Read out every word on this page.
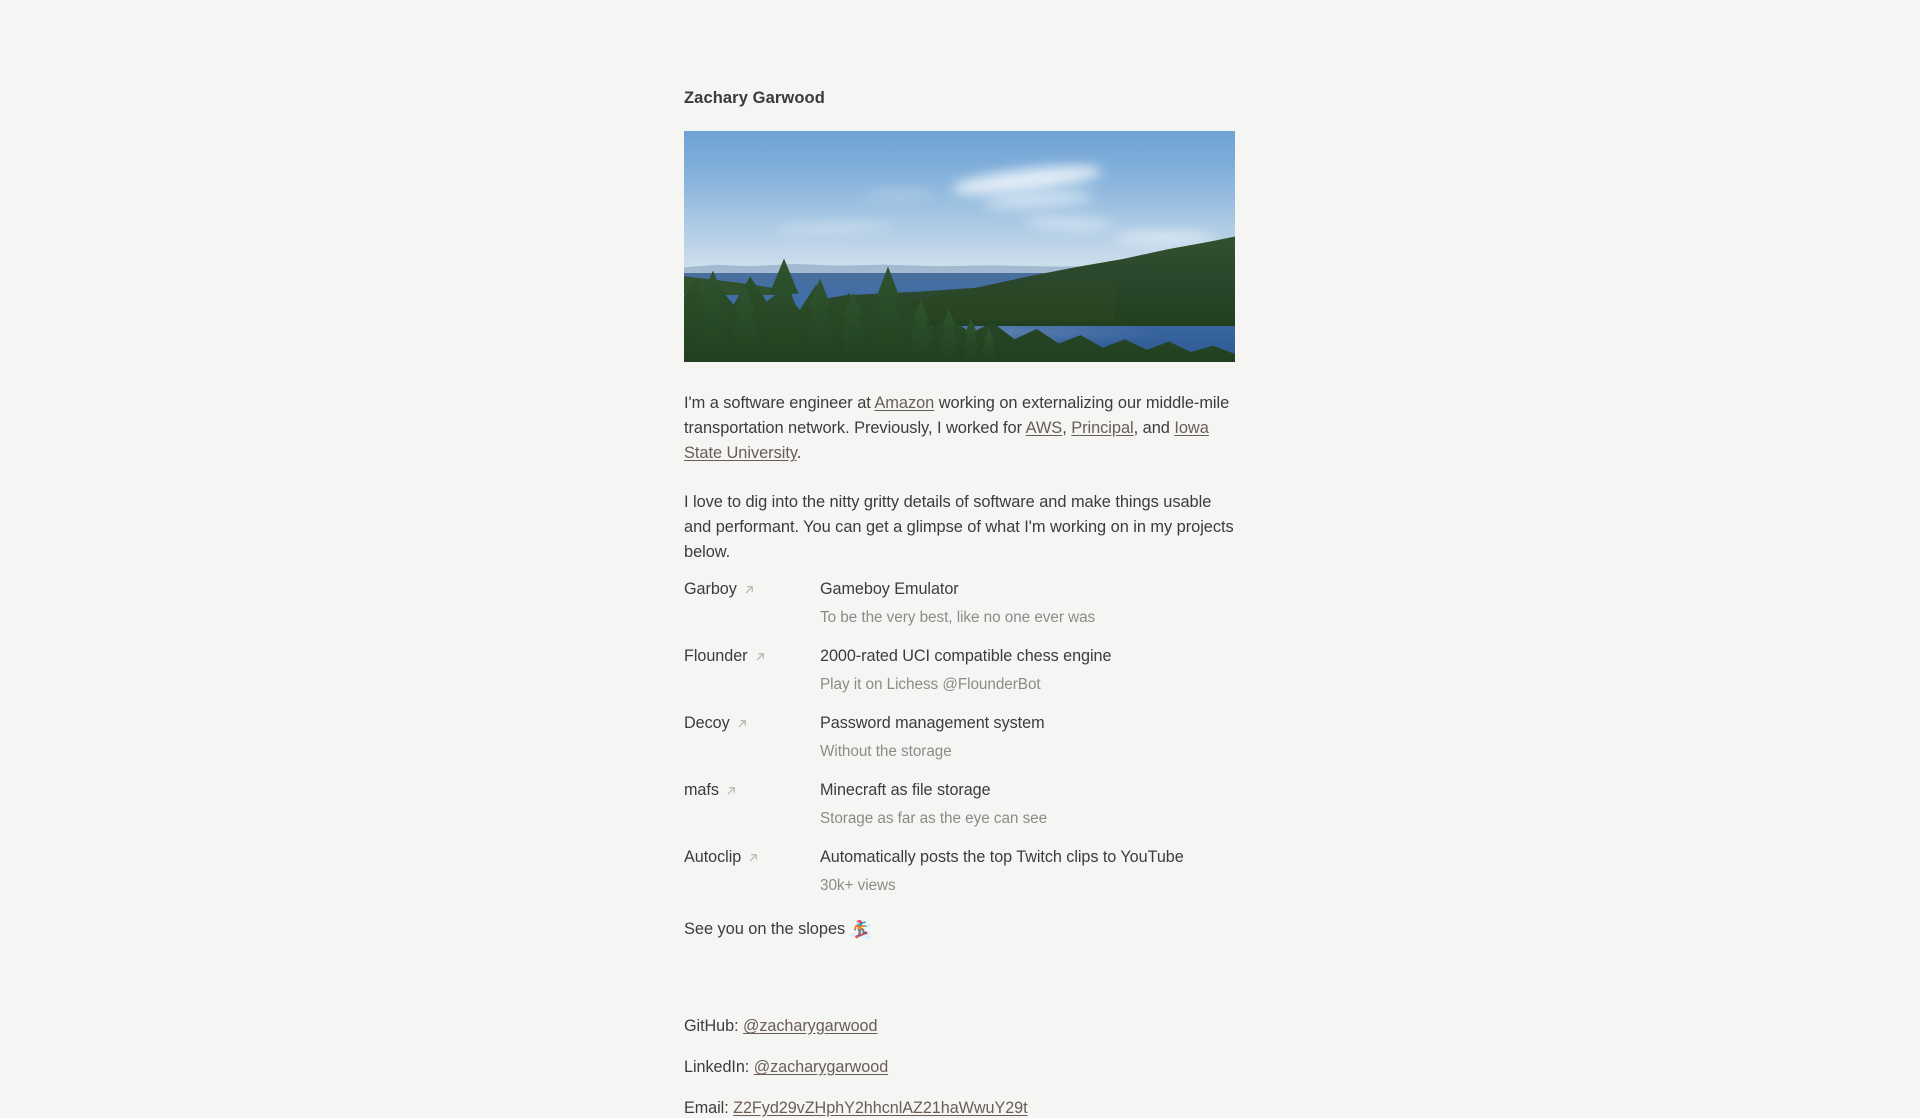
Zachary Garwood

I'm a software engineer at Amazon working on externalizing our middle-mile transportation network. Previously, I worked for AWS, Principal, and Iowa State University.

I love to dig into the nitty gritty details of software and make things usable and performant. You can get a glimpse of what I'm working on in my projects below.

Garboy	Gameboy Emulator
To be the very best, like no one ever was
Flounder	2000-rated UCI compatible chess engine
Play it on Lichess @FlounderBot
Decoy	Password management system
Without the storage
mafs	Minecraft as file storage
Storage as far as the eye can see
Autoclip	Automatically posts the top Twitch clips to YouTube
30k+ views
See you on the slopes 🏂
GitHub: @zacharygarwood
LinkedIn: @zacharygarwood
Email: Z2Fyd29vZHphY2hhcnlAZ21haWwuY29t
